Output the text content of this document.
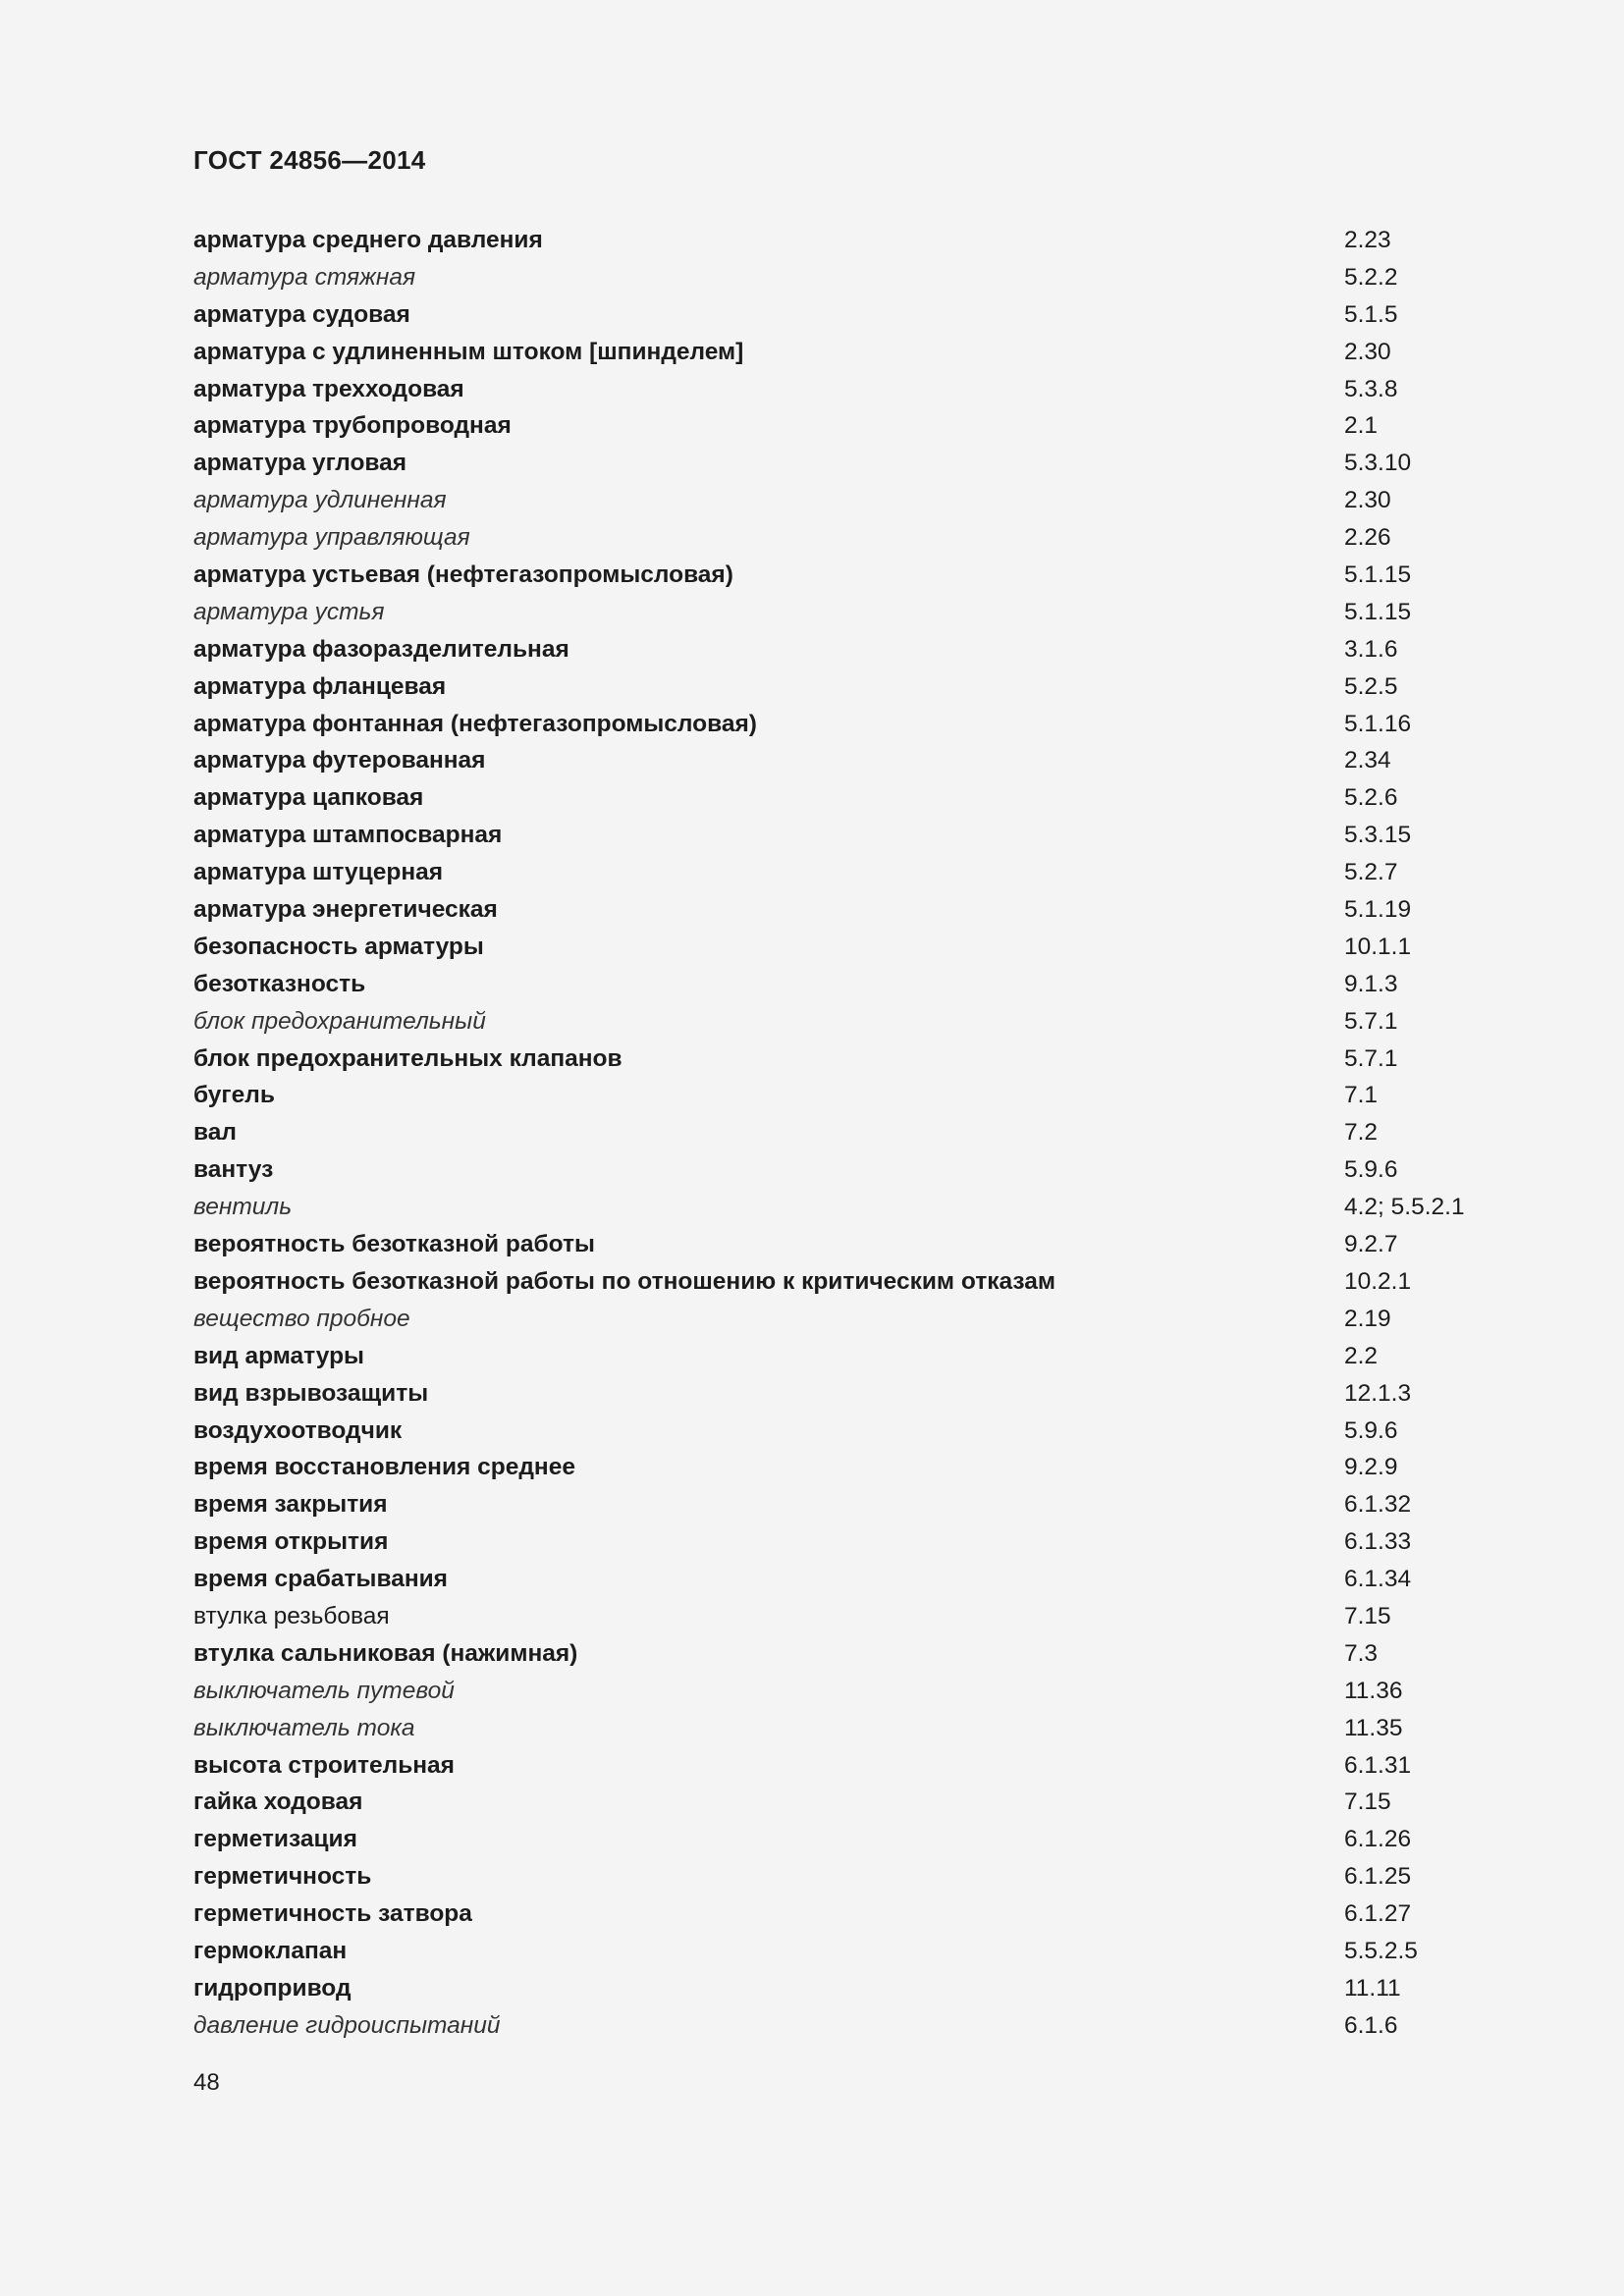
ГОСТ 24856—2014
арматура среднего давления	2.23
арматура стяжная	5.2.2
арматура судовая	5.1.5
арматура с удлиненным штоком [шпинделем]	2.30
арматура трехходовая	5.3.8
арматура трубопроводная	2.1
арматура угловая	5.3.10
арматура удлиненная	2.30
арматура управляющая	2.26
арматура устьевая (нефтегазопромысловая)	5.1.15
арматура устья	5.1.15
арматура фазоразделительная	3.1.6
арматура фланцевая	5.2.5
арматура фонтанная (нефтегазопромысловая)	5.1.16
арматура футерованная	2.34
арматура цапковая	5.2.6
арматура штампосварная	5.3.15
арматура штуцерная	5.2.7
арматура энергетическая	5.1.19
безопасность арматуры	10.1.1
безотказность	9.1.3
блок предохранительный	5.7.1
блок предохранительных клапанов	5.7.1
бугель	7.1
вал	7.2
вантуз	5.9.6
вентиль	4.2; 5.5.2.1
вероятность безотказной работы	9.2.7
вероятность безотказной работы по отношению к критическим отказам	10.2.1
вещество пробное	2.19
вид арматуры	2.2
вид взрывозащиты	12.1.3
воздухоотводчик	5.9.6
время восстановления среднее	9.2.9
время закрытия	6.1.32
время открытия	6.1.33
время срабатывания	6.1.34
втулка резьбовая	7.15
втулка сальниковая (нажимная)	7.3
выключатель путевой	11.36
выключатель тока	11.35
высота строительная	6.1.31
гайка ходовая	7.15
герметизация	6.1.26
герметичность	6.1.25
герметичность затвора	6.1.27
гермоклапан	5.5.2.5
гидропривод	11.11
давление гидроиспытаний	6.1.6
48
